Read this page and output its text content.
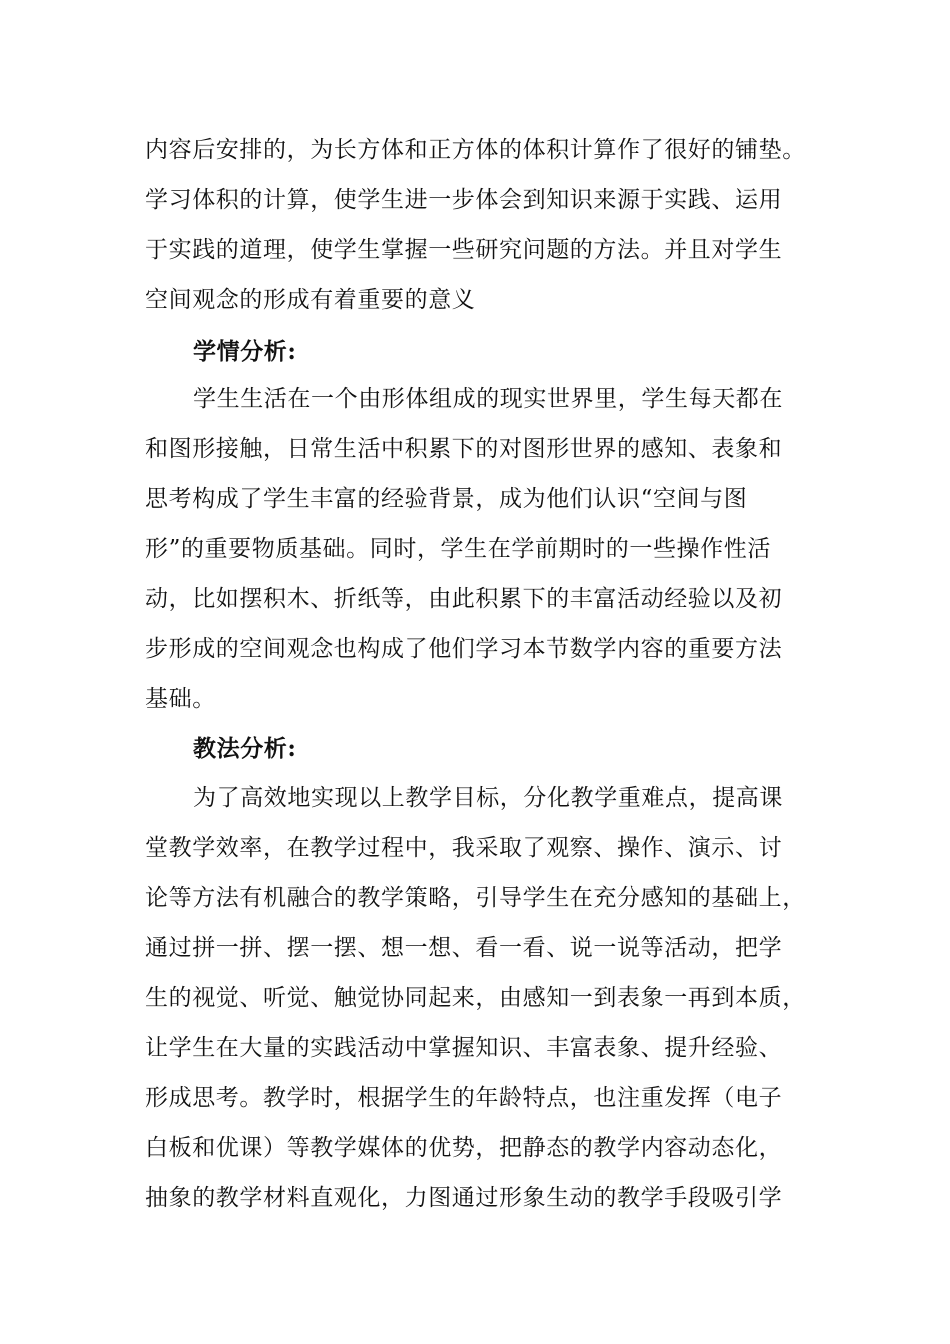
内容后安排的，为长方体和正方体的体积计算作了很好的铺垫。
学习体积的计算，使学生进一步体会到知识来源于实践、运用
于实践的道理，使学生掌握一些研究问题的方法。并且对学生
空间观念的形成有着重要的意义
学情分析:
学生生活在一个由形体组成的现实世界里，学生每天都在
和图形接触，日常生活中积累下的对图形世界的感知、表象和
思考构成了学生丰富的经验背景，成为他们认识“空间与图
形”的重要物质基础。同时，学生在学前期时的一些操作性活
动，比如摆积木、折纸等，由此积累下的丰富活动经验以及初
步形成的空间观念也构成了他们学习本节数学内容的重要方法
基础。
教法分析:
为了高效地实现以上教学目标，分化教学重难点，提高课
堂教学效率，在教学过程中，我采取了观察、操作、演示、讨
论等方法有机融合的教学策略，引导学生在充分感知的基础上，
通过拼一拼、摆一摆、想一想、看一看、说一说等活动，把学
生的视觉、听觉、触觉协同起来，由感知一到表象一再到本质，
让学生在大量的实践活动中掌握知识、丰富表象、提升经验、
形成思考。教学时，根据学生的年龄特点，也注重发挥（电子
白板和优课）等教学媒体的优势，把静态的教学内容动态化，
抽象的教学材料直观化，力图通过形象生动的教学手段吸引学
